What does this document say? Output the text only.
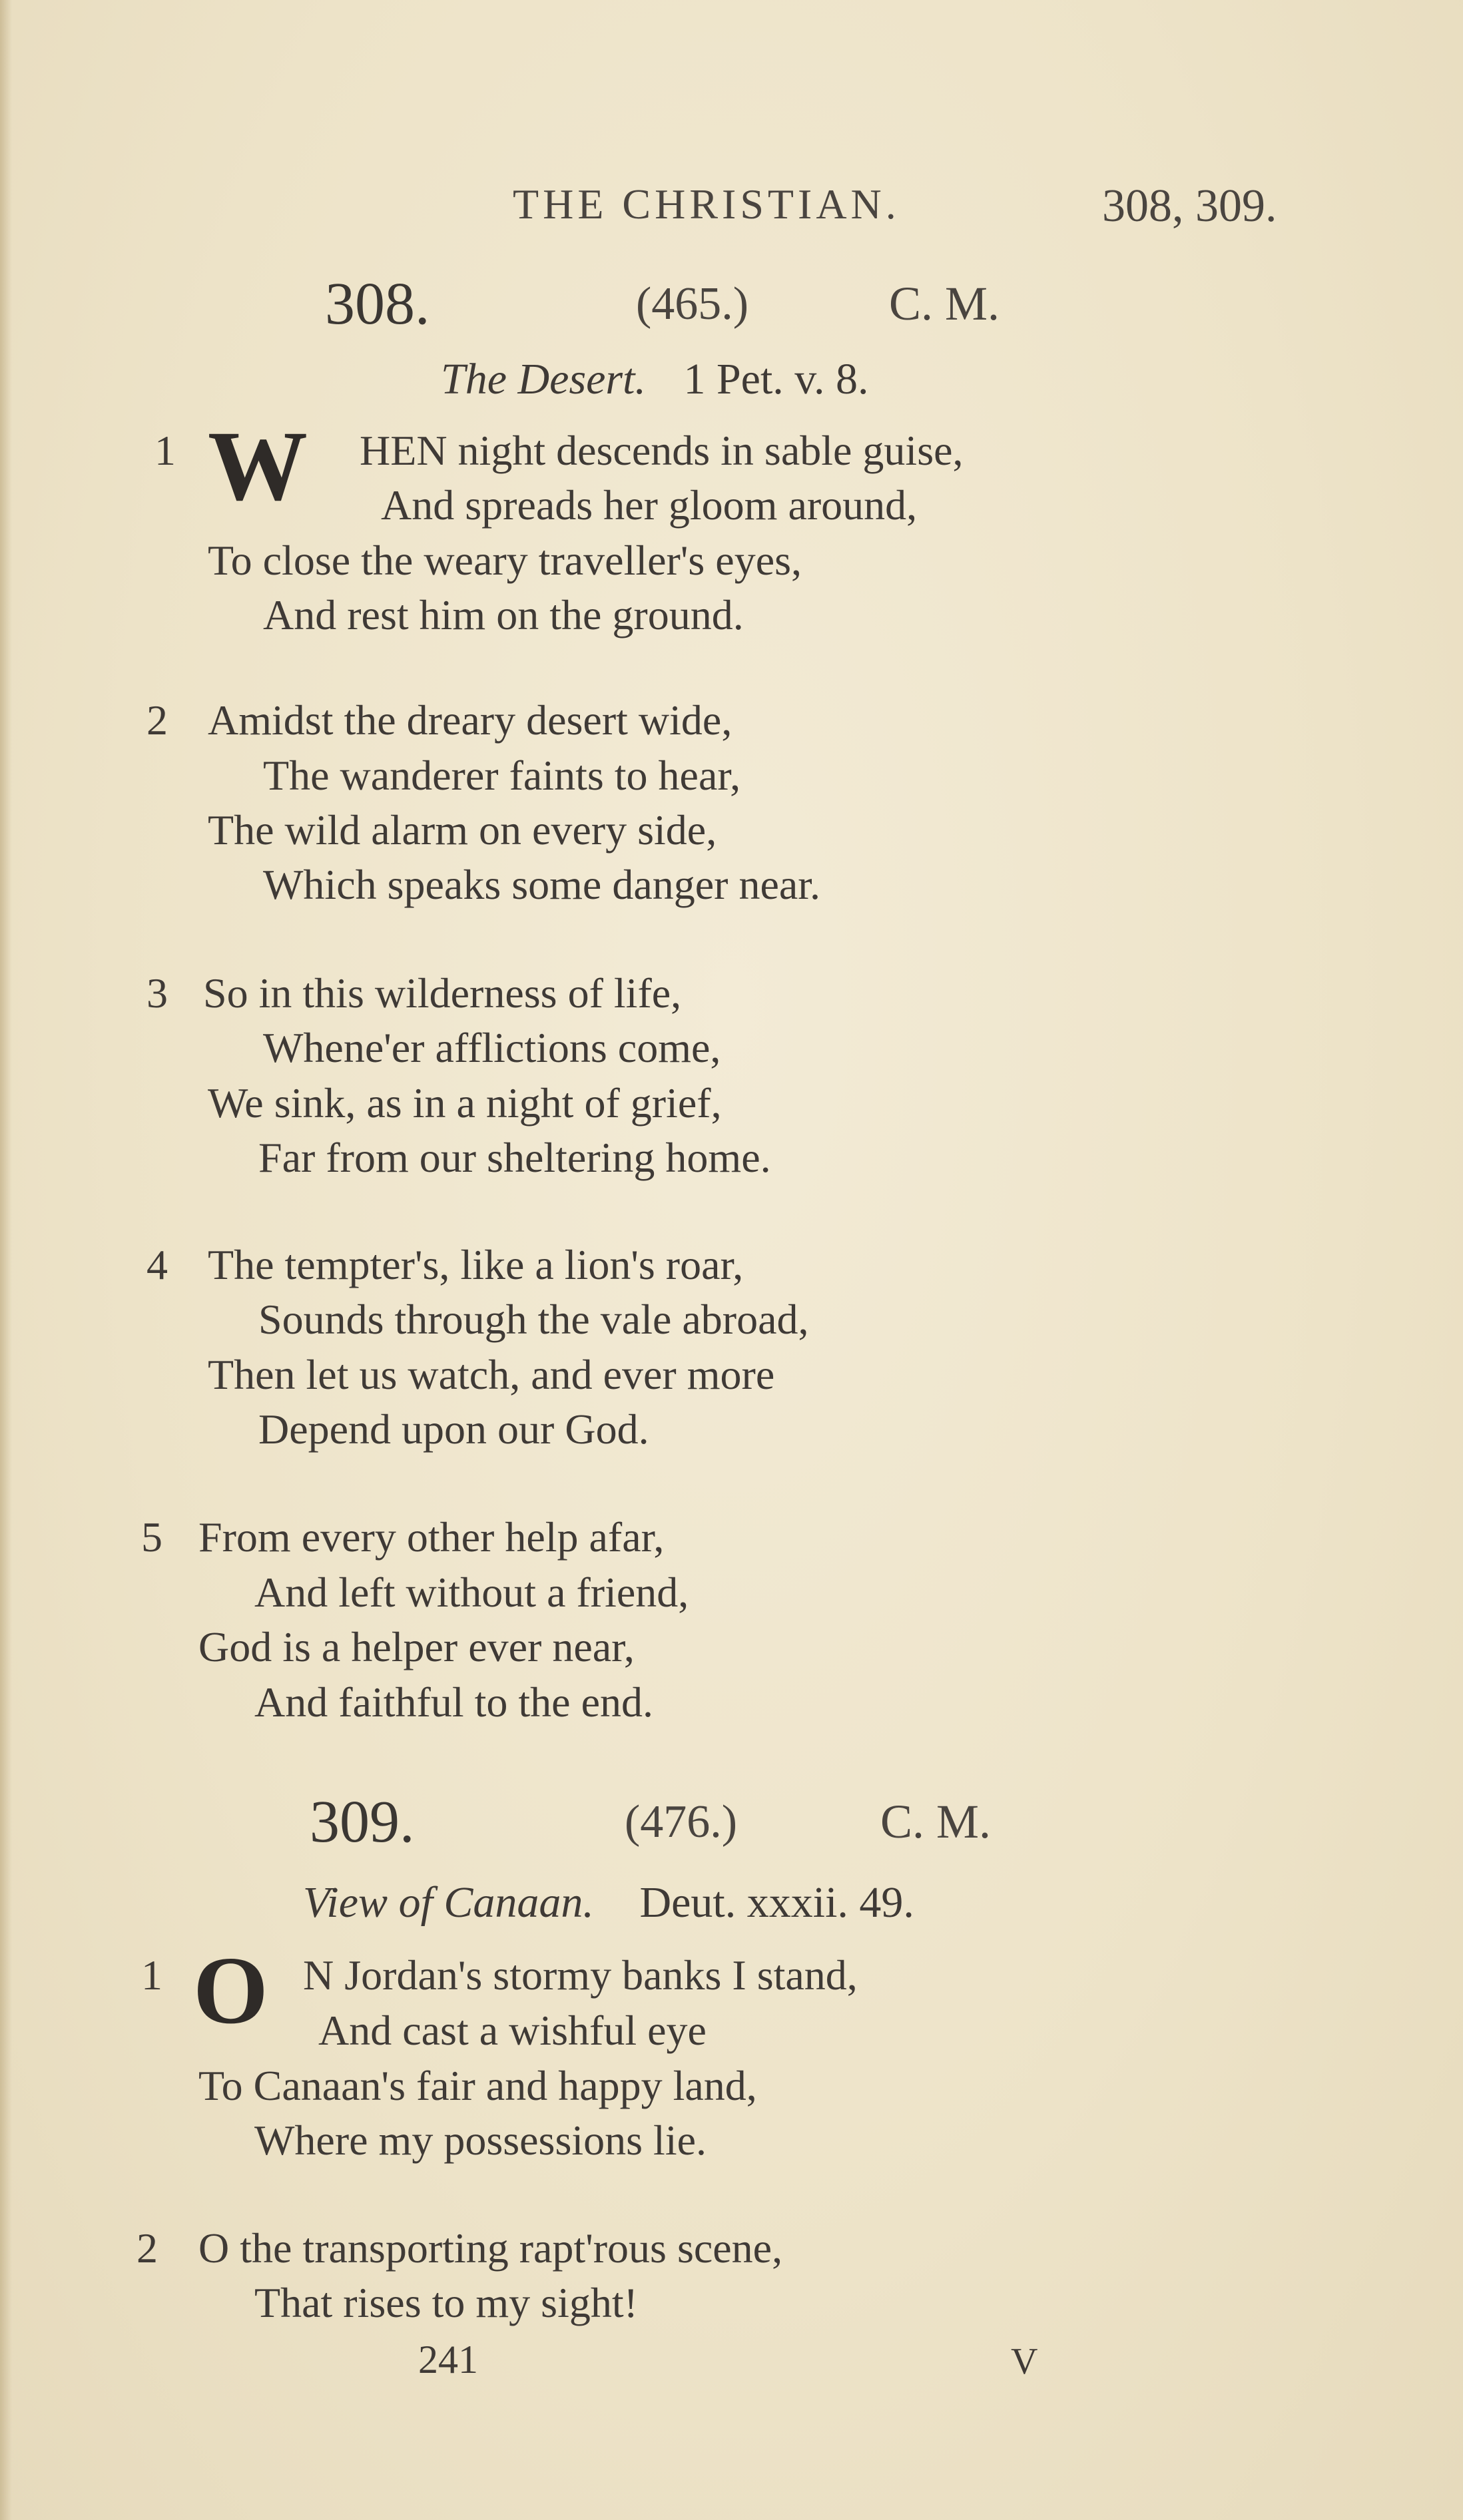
THE CHRISTIAN.	308, 309.
308.	(465.)	C. M.
The Desert. 1 Pet. v. 8.
1 W HEN night descends in sable guise,
And spreads her gloom around,
To close the weary traveller's eyes,
And rest him on the ground.
2 Amidst the dreary desert wide,
The wanderer faints to hear,
The wild alarm on every side,
Which speaks some danger near.
3 So in this wilderness of life,
Whene'er afflictions come,
We sink, as in a night of grief,
Far from our sheltering home.
4 The tempter's, like a lion's roar,
Sounds through the vale abroad,
Then let us watch, and ever more
Depend upon our God.
5 From every other help afar,
And left without a friend,
God is a helper ever near,
And faithful to the end.
309.	(476.)	C. M.
View of Canaan. Deut. xxxii. 49.
1 O N Jordan's stormy banks I stand,
And cast a wishful eye
To Canaan's fair and happy land,
Where my possessions lie.
2 O the transporting rapt'rous scene,
That rises to my sight!
241	V
